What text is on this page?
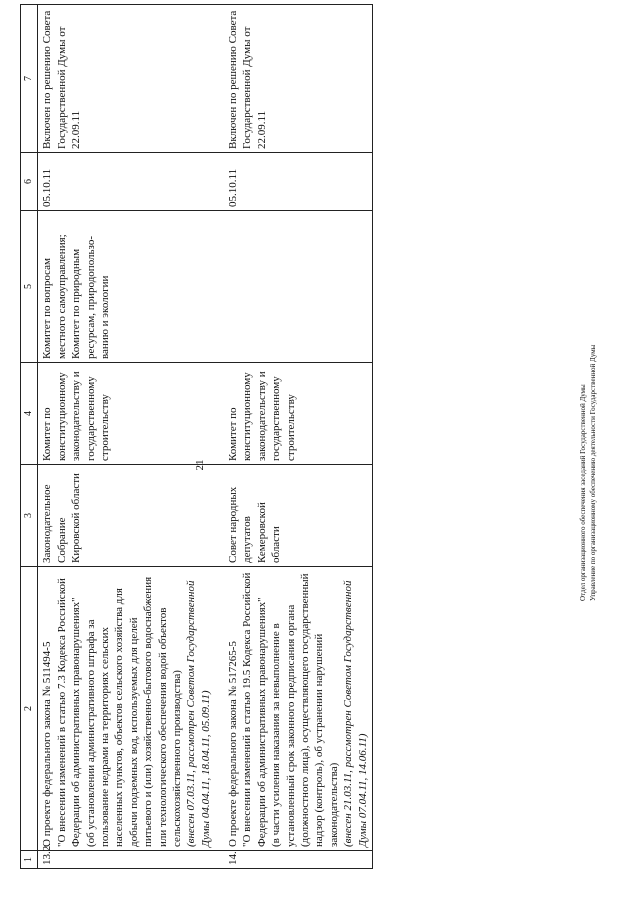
21
1	2	3	4	5	6	7
13.2.	О проекте федерального закона № 511494-5 "О внесении изменений в статью 7.3 Кодекса Российской Федерации об административных правонарушениях" (об установлении административного штрафа за пользование недрами на территориях сельских населенных пунктов, объектов сельского хозяйства для добычи подземных вод, используемых для целей питьевого и (или) хозяйственно-бытового водоснабжения или технологического обеспечения водой объектов сельскохозяйственного производства) (внесен 07.03.11, рассмотрен Советом Государственной Думы 04.04.11, 18.04.11, 05.09.11)	Законодательное Собрание Кировской области	Комитет по конституционному законодательству и государственному строительству	Комитет по вопросам местного самоуправления; Комитет по природным ресурсам, природопользо- ванию и экологии	05.10.11	Включен по решению Совета Государственной Думы от 22.09.11
14.	О проекте федерального закона № 517265-5 "О внесении изменений в статью 19.5 Кодекса Российской Федерации об административных правонарушениях" (в части усиления наказания за невыполнение в установленный срок законного предписания органа (должностного лица), осуществляющего государственный надзор (контроль), об устранении нарушений законодательства) (внесен 21.03.11, рассмотрен Советом Государственной Думы 07.04.11, 14.06.11)	Совет народных депутатов Кемеровской области	Комитет по конституционному законодательству и государственному строительству		05.10.11	Включен по решению Совета Государственной Думы от 22.09.11
Отдел организационного обеспечения заседаний Государственной Думы Управление по организационному обеспечению деятельности Государственной Думы
